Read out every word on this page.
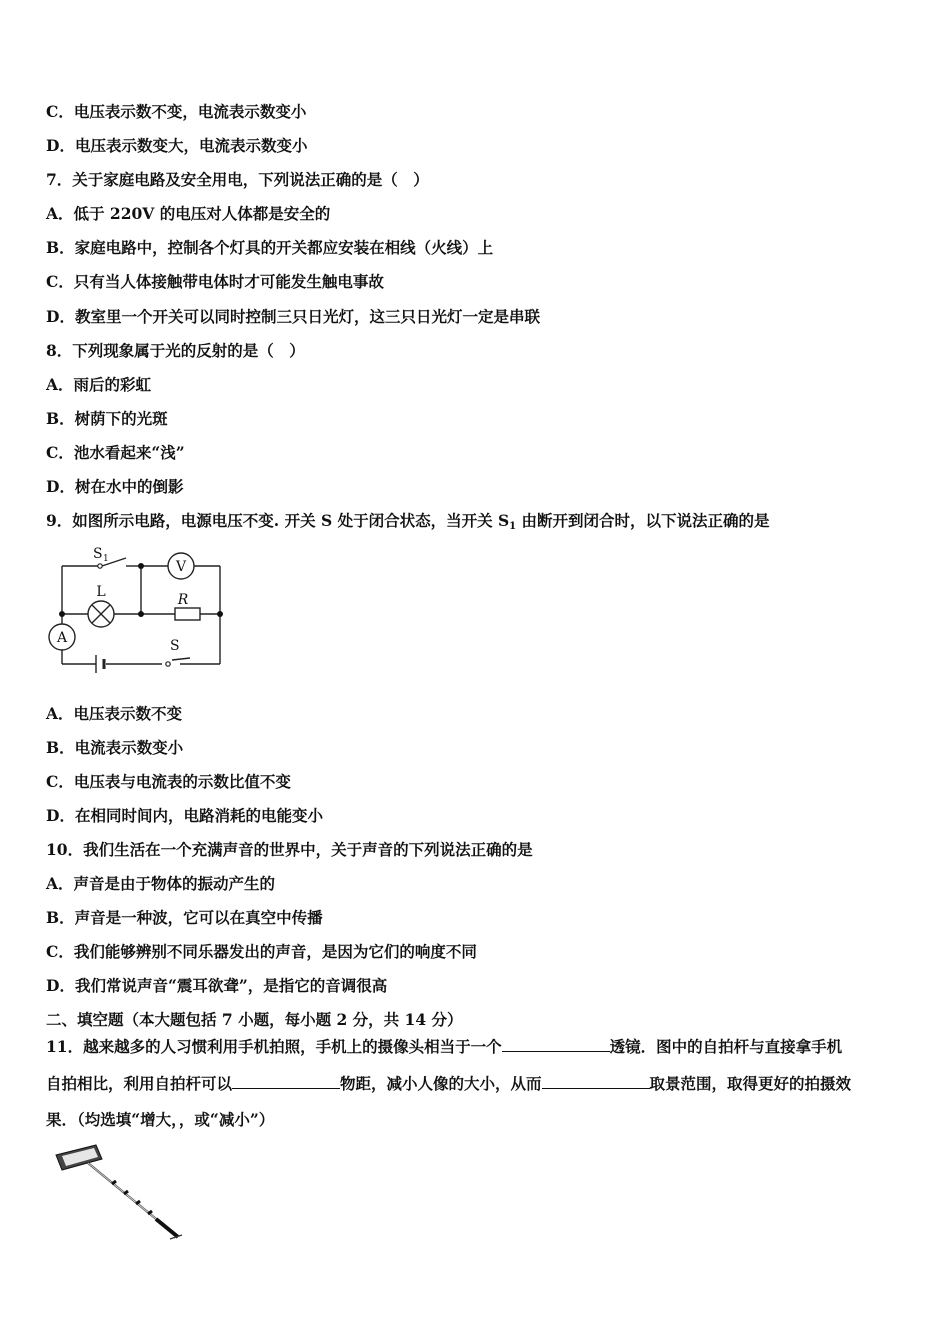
C．电压表示数不变，电流表示数变小
D．电压表示数变大，电流表示数变小
7．关于家庭电路及安全用电，下列说法正确的是（　）
A．低于 220V 的电压对人体都是安全的
B．家庭电路中，控制各个灯具的开关都应安装在相线（火线）上
C．只有当人体接触带电体时才可能发生触电事故
D．教室里一个开关可以同时控制三只日光灯，这三只日光灯一定是串联
8．下列现象属于光的反射的是（　）
A．雨后的彩虹
B．树荫下的光斑
C．池水看起来“浅”
D．树在水中的倒影
9．如图所示电路，电源电压不变. 开关 S 处于闭合状态，当开关 $S_1$ 由断开到闭合时，以下说法正确的是
V
L	R
A
S 1
S
A．电压表示数不变
B．电流表示数变小
C．电压表与电流表的示数比值不变
D．在相同时间内，电路消耗的电能变小
10．我们生活在一个充满声音的世界中，关于声音的下列说法正确的是
A．声音是由于物体的振动产生的
B．声音是一种波，它可以在真空中传播
C．我们能够辨别不同乐器发出的声音，是因为它们的响度不同
D．我们常说声音“震耳欲聋”，是指它的音调很高
二、填空题（本大题包括 7 小题，每小题 2 分，共 14 分）
11．越来越多的人习惯利用手机拍照，手机上的摄像头相当于一个	透镜．图中的自拍杆与直接拿手机
自拍相比，利用自拍杆可以	物距，减小人像的大小，从而	取景范围，取得更好的拍摄效
果．（均选填“增大，，或“减小”）
